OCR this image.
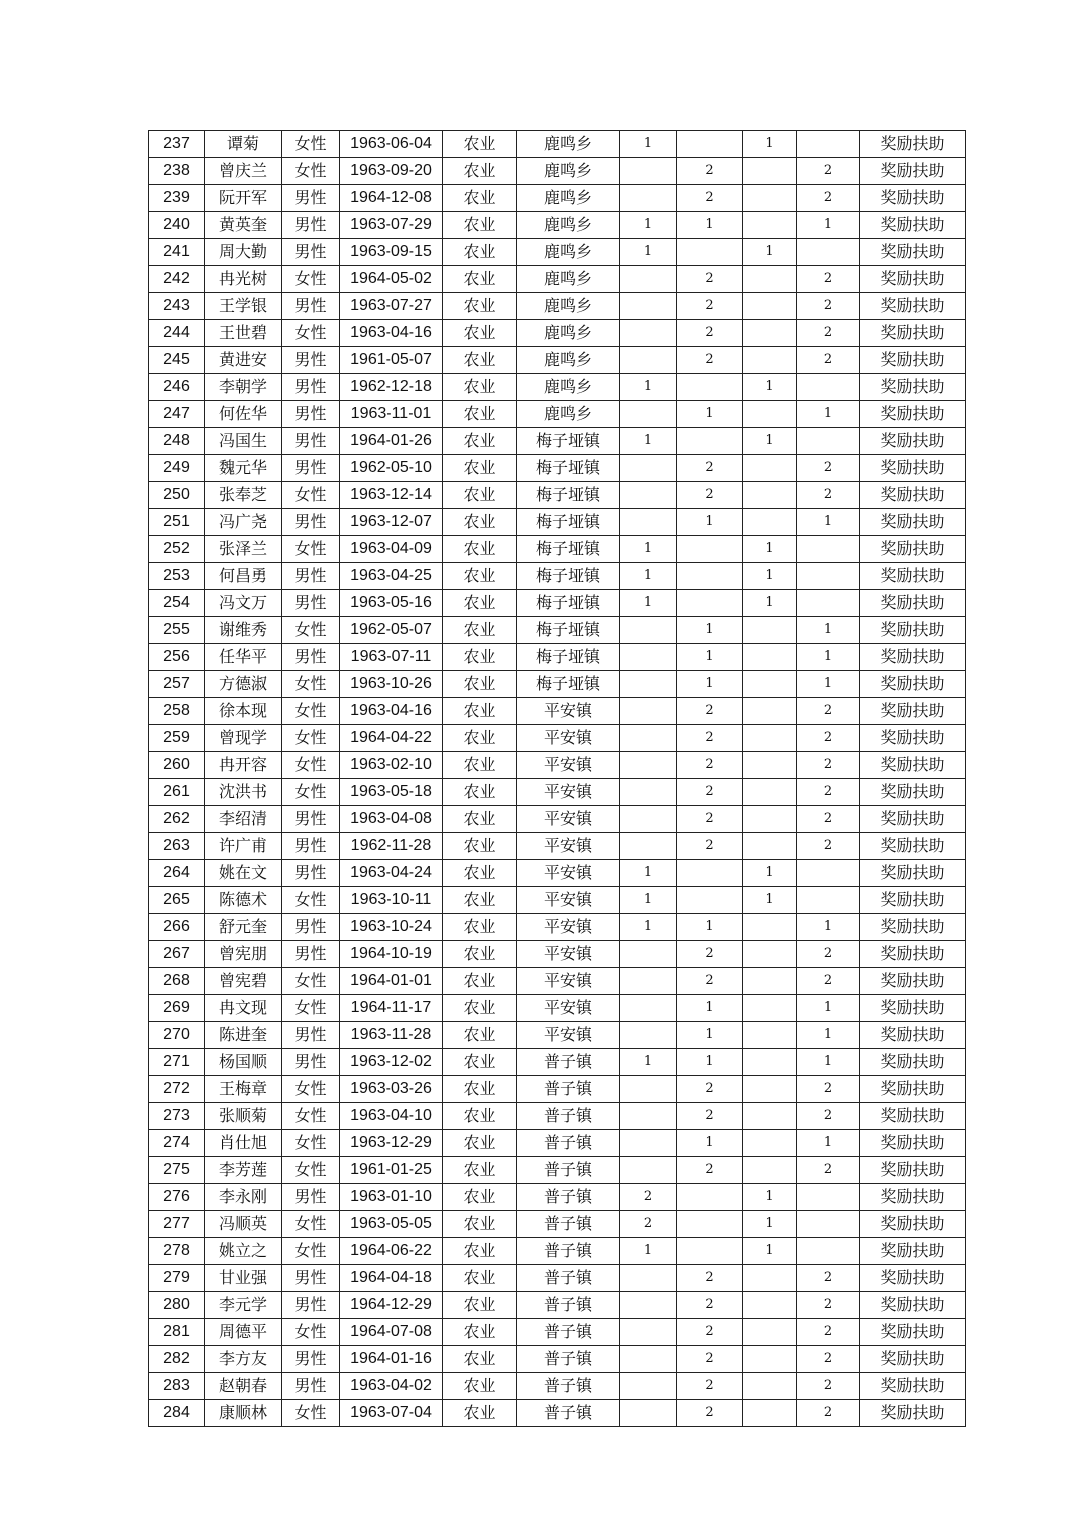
237	谭菊	女性	1963-06-04	农业	鹿鸣乡	1		1		奖励扶助
238	曾庆兰	女性	1963-09-20	农业	鹿鸣乡		2		2	奖励扶助
239	阮开军	男性	1964-12-08	农业	鹿鸣乡		2		2	奖励扶助
240	黄英奎	男性	1963-07-29	农业	鹿鸣乡	1	1		1	奖励扶助
241	周大勤	男性	1963-09-15	农业	鹿鸣乡	1		1		奖励扶助
242	冉光树	女性	1964-05-02	农业	鹿鸣乡		2		2	奖励扶助
243	王学银	男性	1963-07-27	农业	鹿鸣乡		2		2	奖励扶助
244	王世碧	女性	1963-04-16	农业	鹿鸣乡		2		2	奖励扶助
245	黄进安	男性	1961-05-07	农业	鹿鸣乡		2		2	奖励扶助
246	李朝学	男性	1962-12-18	农业	鹿鸣乡	1		1		奖励扶助
247	何佐华	男性	1963-11-01	农业	鹿鸣乡		1		1	奖励扶助
248	冯国生	男性	1964-01-26	农业	梅子垭镇	1		1		奖励扶助
249	魏元华	男性	1962-05-10	农业	梅子垭镇		2		2	奖励扶助
250	张奉芝	女性	1963-12-14	农业	梅子垭镇		2		2	奖励扶助
251	冯广尧	男性	1963-12-07	农业	梅子垭镇		1		1	奖励扶助
252	张泽兰	女性	1963-04-09	农业	梅子垭镇	1		1		奖励扶助
253	何昌勇	男性	1963-04-25	农业	梅子垭镇	1		1		奖励扶助
254	冯文万	男性	1963-05-16	农业	梅子垭镇	1		1		奖励扶助
255	谢维秀	女性	1962-05-07	农业	梅子垭镇		1		1	奖励扶助
256	任华平	男性	1963-07-11	农业	梅子垭镇		1		1	奖励扶助
257	方德淑	女性	1963-10-26	农业	梅子垭镇		1		1	奖励扶助
258	徐本现	女性	1963-04-16	农业	平安镇		2		2	奖励扶助
259	曾现学	女性	1964-04-22	农业	平安镇		2		2	奖励扶助
260	冉开容	女性	1963-02-10	农业	平安镇		2		2	奖励扶助
261	沈洪书	女性	1963-05-18	农业	平安镇		2		2	奖励扶助
262	李绍清	男性	1963-04-08	农业	平安镇		2		2	奖励扶助
263	许广甫	男性	1962-11-28	农业	平安镇		2		2	奖励扶助
264	姚在文	男性	1963-04-24	农业	平安镇	1		1		奖励扶助
265	陈德术	女性	1963-10-11	农业	平安镇	1		1		奖励扶助
266	舒元奎	男性	1963-10-24	农业	平安镇	1	1		1	奖励扶助
267	曾宪朋	男性	1964-10-19	农业	平安镇		2		2	奖励扶助
268	曾宪碧	女性	1964-01-01	农业	平安镇		2		2	奖励扶助
269	冉文现	女性	1964-11-17	农业	平安镇		1		1	奖励扶助
270	陈进奎	男性	1963-11-28	农业	平安镇		1		1	奖励扶助
271	杨国顺	男性	1963-12-02	农业	普子镇	1	1		1	奖励扶助
272	王梅章	女性	1963-03-26	农业	普子镇		2		2	奖励扶助
273	张顺菊	女性	1963-04-10	农业	普子镇		2		2	奖励扶助
274	肖仕旭	女性	1963-12-29	农业	普子镇		1		1	奖励扶助
275	李芳莲	女性	1961-01-25	农业	普子镇		2		2	奖励扶助
276	李永刚	男性	1963-01-10	农业	普子镇	2		1		奖励扶助
277	冯顺英	女性	1963-05-05	农业	普子镇	2		1		奖励扶助
278	姚立之	女性	1964-06-22	农业	普子镇	1		1		奖励扶助
279	甘业强	男性	1964-04-18	农业	普子镇		2		2	奖励扶助
280	李元学	男性	1964-12-29	农业	普子镇		2		2	奖励扶助
281	周德平	女性	1964-07-08	农业	普子镇		2		2	奖励扶助
282	李方友	男性	1964-01-16	农业	普子镇		2		2	奖励扶助
283	赵朝春	男性	1963-04-02	农业	普子镇		2		2	奖励扶助
284	康顺林	女性	1963-07-04	农业	普子镇		2		2	奖励扶助
